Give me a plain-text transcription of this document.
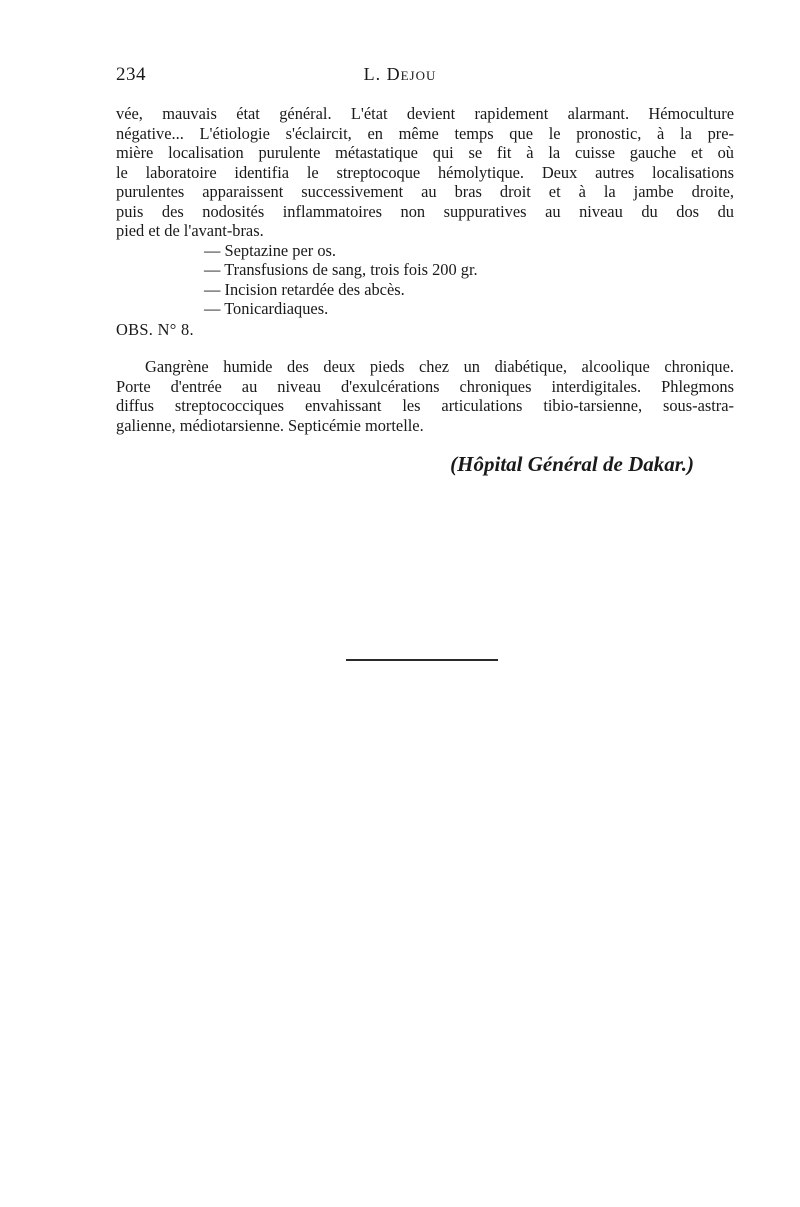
234	L. Dejou

vée, mauvais état général. L'état devient rapidement alarmant. Hémoculture
négative... L'étiologie s'éclaircit, en même temps que le pronostic, à la pre-
mière localisation purulente métastatique qui se fit à la cuisse gauche et où
le laboratoire identifia le streptocoque hémolytique. Deux autres localisations
purulentes apparaissent successivement au bras droit et à la jambe droite,
puis des nodosités inflammatoires non suppuratives au niveau du dos du
pied et de l'avant-bras.

— Septazine per os.
— Transfusions de sang, trois fois 200 gr.
— Incision retardée des abcès.
— Tonicardiaques.
OBS. N° 8.
Gangrène humide des deux pieds chez un diabétique, alcoolique chronique.
Porte d'entrée au niveau d'exulcérations chroniques interdigitales. Phlegmons
diffus streptococciques envahissant les articulations tibio-tarsienne, sous-astra-
galienne, médiotarsienne. Septicémie mortelle.
(Hôpital Général de Dakar.)
